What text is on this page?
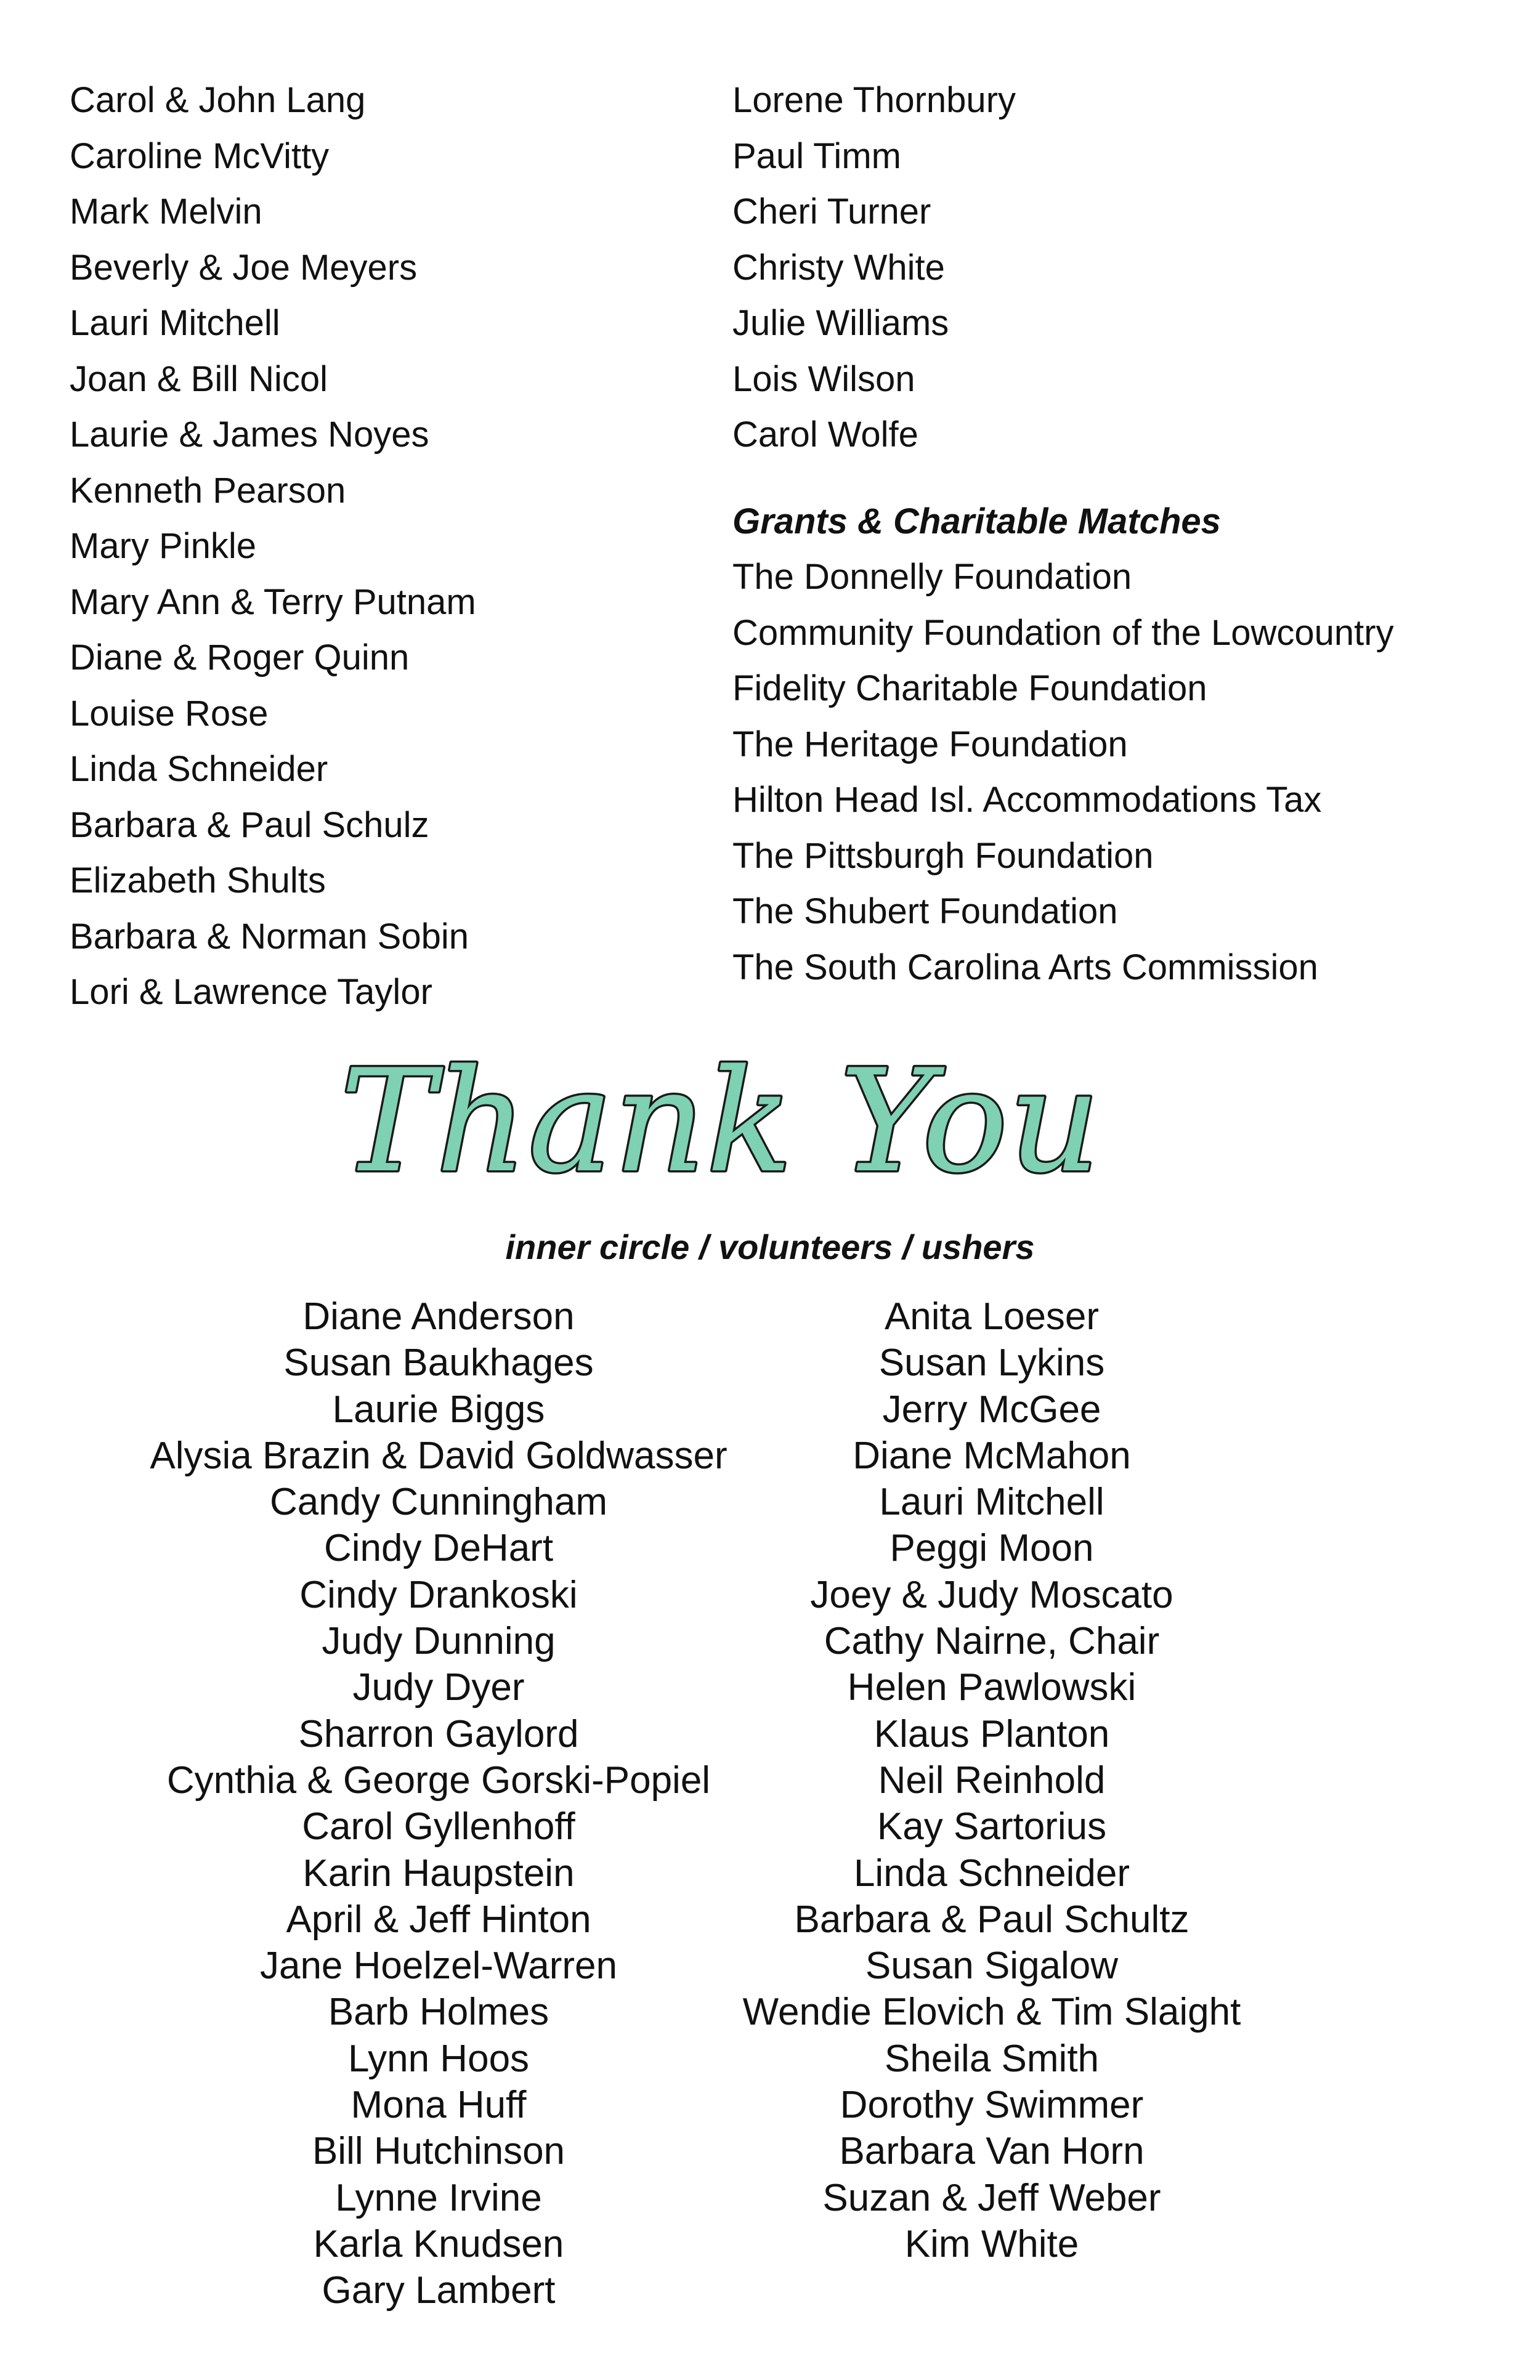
Carol & John Lang
Caroline McVitty
Mark Melvin
Beverly & Joe Meyers
Lauri Mitchell
Joan & Bill Nicol
Laurie & James Noyes
Kenneth Pearson
Mary Pinkle
Mary Ann & Terry Putnam
Diane & Roger Quinn
Louise Rose
Linda Schneider
Barbara & Paul Schulz
Elizabeth Shults
Barbara & Norman Sobin
Lori & Lawrence Taylor
Lorene Thornbury
Paul Timm
Cheri Turner
Christy White
Julie Williams
Lois Wilson
Carol Wolfe
Grants & Charitable Matches
The Donnelly Foundation
Community Foundation of the Lowcountry
Fidelity Charitable Foundation
The Heritage Foundation
Hilton Head Isl. Accommodations Tax
The Pittsburgh Foundation
The Shubert Foundation
The South Carolina Arts Commission
Thank You
inner circle / volunteers / ushers
Diane Anderson
Susan Baukhages
Laurie Biggs
Alysia Brazin & David Goldwasser
Candy Cunningham
Cindy DeHart
Cindy Drankoski
Judy Dunning
Judy Dyer
Sharron Gaylord
Cynthia & George Gorski-Popiel
Carol Gyllenhoff
Karin Haupstein
April & Jeff Hinton
Jane Hoelzel-Warren
Barb Holmes
Lynn Hoos
Mona Huff
Bill Hutchinson
Lynne Irvine
Karla Knudsen
Gary Lambert
Anita Loeser
Susan Lykins
Jerry McGee
Diane McMahon
Lauri Mitchell
Peggi Moon
Joey & Judy Moscato
Cathy Nairne, Chair
Helen Pawlowski
Klaus Planton
Neil Reinhold
Kay Sartorius
Linda Schneider
Barbara & Paul Schultz
Susan Sigalow
Wendie Elovich & Tim Slaight
Sheila Smith
Dorothy Swimmer
Barbara Van Horn
Suzan & Jeff Weber
Kim White
